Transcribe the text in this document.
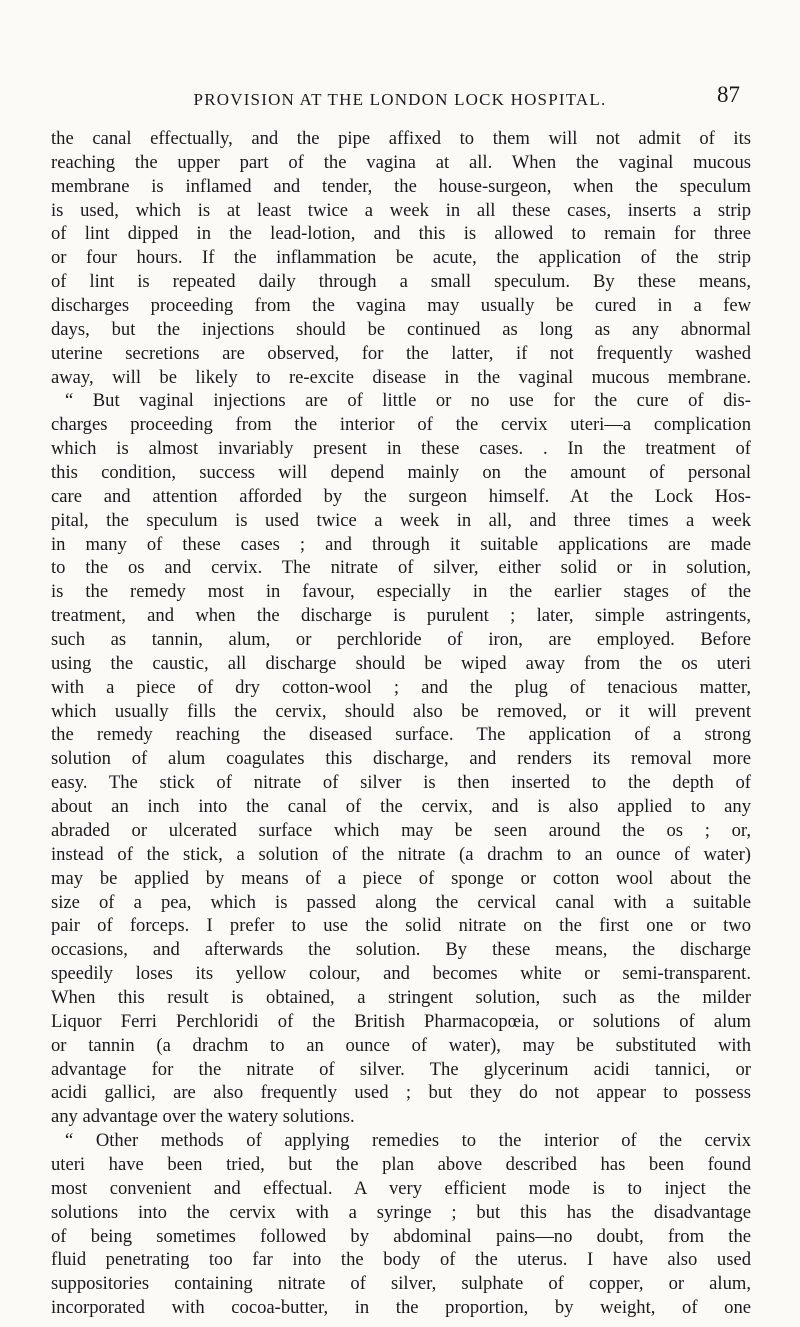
PROVISION AT THE LONDON LOCK HOSPITAL.	87
the canal effectually, and the pipe affixed to them will not admit of its
reaching the upper part of the vagina at all. When the vaginal mucous
membrane is inflamed and tender, the house-surgeon, when the speculum
is used, which is at least twice a week in all these cases, inserts a strip
of lint dipped in the lead-lotion, and this is allowed to remain for three
or four hours. If the inflammation be acute, the application of the strip
of lint is repeated daily through a small speculum. By these means,
discharges proceeding from the vagina may usually be cured in a few
days, but the injections should be continued as long as any abnormal
uterine secretions are observed, for the latter, if not frequently washed
away, will be likely to re-excite disease in the vaginal mucous membrane.
“ But vaginal injections are of little or no use for the cure of dis-
charges proceeding from the interior of the cervix uteri—a complication
which is almost invariably present in these cases. . In the treatment of
this condition, success will depend mainly on the amount of personal
care and attention afforded by the surgeon himself. At the Lock Hos-
pital, the speculum is used twice a week in all, and three times a week
in many of these cases ; and through it suitable applications are made
to the os and cervix. The nitrate of silver, either solid or in solution,
is the remedy most in favour, especially in the earlier stages of the
treatment, and when the discharge is purulent ; later, simple astringents,
such as tannin, alum, or perchloride of iron, are employed. Before
using the caustic, all discharge should be wiped away from the os uteri
with a piece of dry cotton-wool ; and the plug of tenacious matter,
which usually fills the cervix, should also be removed, or it will prevent
the remedy reaching the diseased surface. The application of a strong
solution of alum coagulates this discharge, and renders its removal more
easy. The stick of nitrate of silver is then inserted to the depth of
about an inch into the canal of the cervix, and is also applied to any
abraded or ulcerated surface which may be seen around the os ; or,
instead of the stick, a solution of the nitrate (a drachm to an ounce of water)
may be applied by means of a piece of sponge or cotton wool about the
size of a pea, which is passed along the cervical canal with a suitable
pair of forceps. I prefer to use the solid nitrate on the first one or two
occasions, and afterwards the solution. By these means, the discharge
speedily loses its yellow colour, and becomes white or semi-transparent.
When this result is obtained, a stringent solution, such as the milder
Liquor Ferri Perchloridi of the British Pharmacopœia, or solutions of alum
or tannin (a drachm to an ounce of water), may be substituted with
advantage for the nitrate of silver. The glycerinum acidi tannici, or
acidi gallici, are also frequently used ; but they do not appear to possess
any advantage over the watery solutions.
“ Other methods of applying remedies to the interior of the cervix
uteri have been tried, but the plan above described has been found
most convenient and effectual. A very efficient mode is to inject the
solutions into the cervix with a syringe ; but this has the disadvantage
of being sometimes followed by abdominal pains—no doubt, from the
fluid penetrating too far into the body of the uterus. I have also used
suppositories containing nitrate of silver, sulphate of copper, or alum,
incorporated with cocoa-butter, in the proportion, by weight, of one
